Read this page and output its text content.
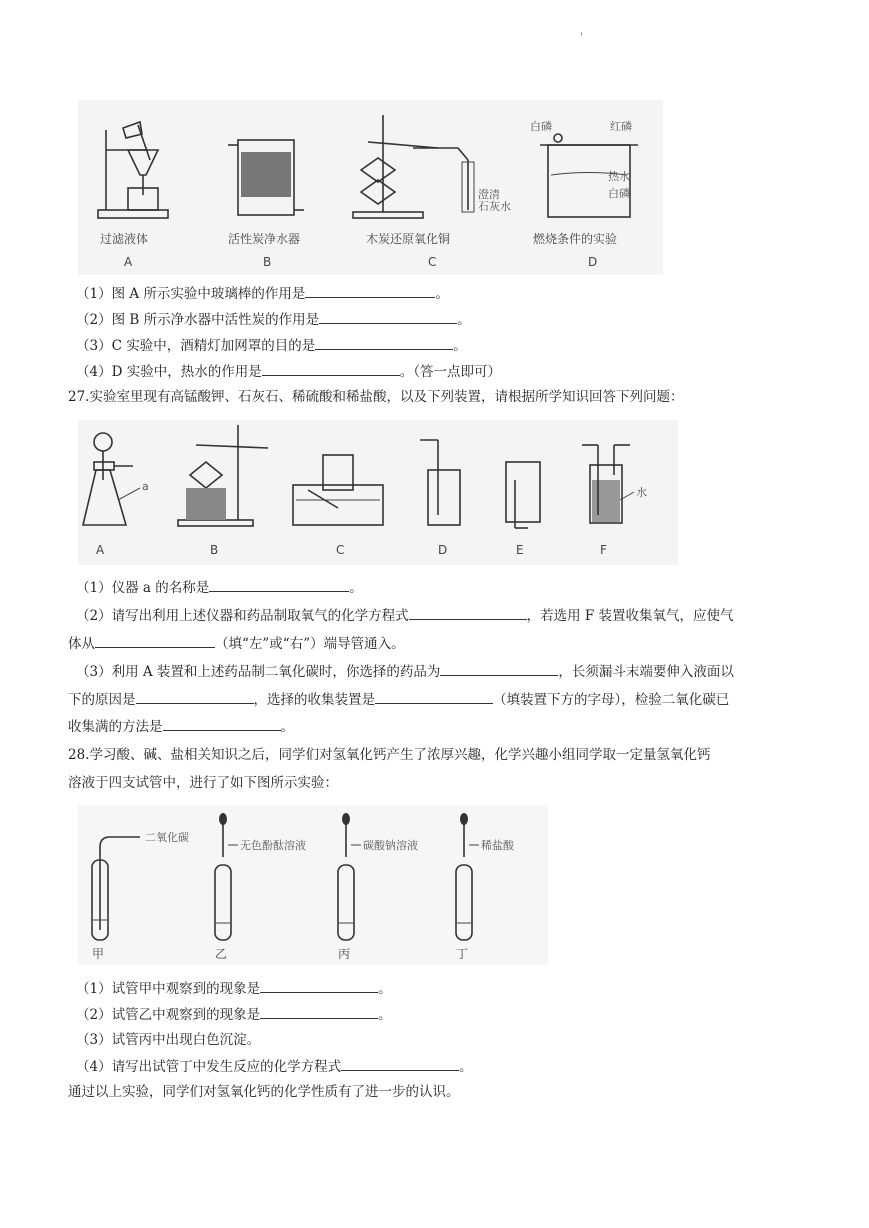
'
澄清
石灰水
白磷	红磷
热水
白磷
过滤液体	活性炭净水器	木炭还原氧化铜	燃烧条件的实验
A	B	C	D
（1）图 A 所示实验中玻璃棒的作用是	。
（2）图 B 所示净水器中活性炭的作用是	。
（3）C 实验中，酒精灯加网罩的目的是	。
（4）D 实验中，热水的作用是	。（答一点即可）
27.实验室里现有高锰酸钾、石灰石、稀硫酸和稀盐酸，以及下列装置，请根据所学知识回答下列问题：
a	水
A	B	C	D	E	F
（1）仪器 a 的名称是	。
（2）请写出利用上述仪器和药品制取氧气的化学方程式	，若选用 F 装置收集氧气，应使气
体从	（填“左”或“右”）端导管通入。
（3）利用 A 装置和上述药品制二氧化碳时，你选择的药品为	，长须漏斗末端要伸入液面以
下的原因是	，选择的收集装置是	（填装置下方的字母），检验二氧化碳已
收集满的方法是	。
28.学习酸、碱、盐相关知识之后，同学们对氢氧化钙产生了浓厚兴趣，化学兴趣小组同学取一定量氢氧化钙
溶液于四支试管中，进行了如下图所示实验：
二氧化碳
无色酚酞溶液	碳酸钠溶液	稀盐酸
甲	乙	丙	丁
（1）试管甲中观察到的现象是	。
（2）试管乙中观察到的现象是	。
（3）试管丙中出现白色沉淀。
（4）请写出试管丁中发生反应的化学方程式	。
通过以上实验，同学们对氢氧化钙的化学性质有了进一步的认识。
